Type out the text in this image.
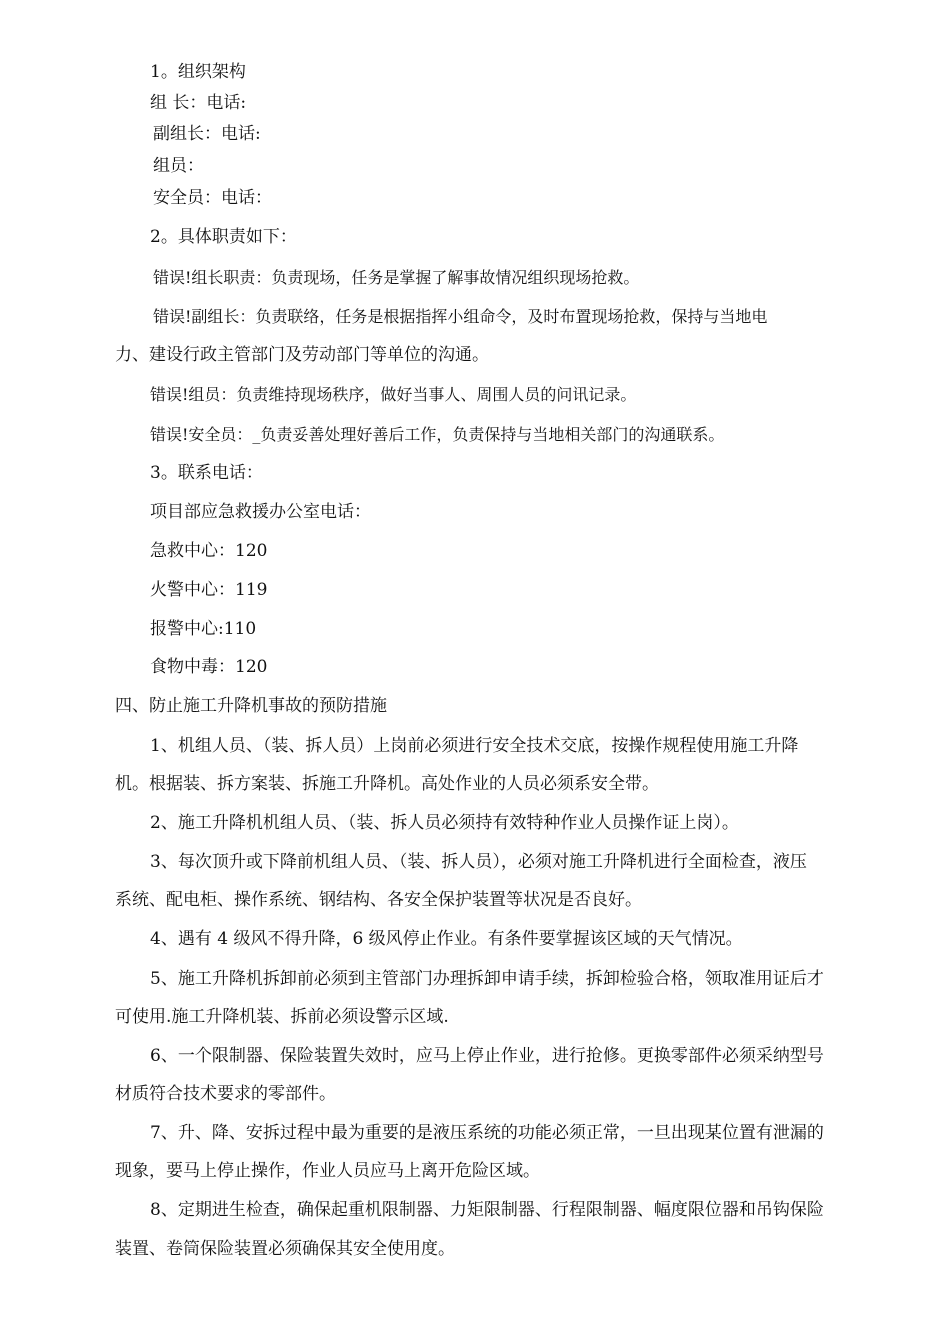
1。组织架构
组 长：电话:
副组长：电话:
组员：
安全员：电话：
2。具体职责如下：
错误!组长职责：负责现场，任务是掌握了解事故情况组织现场抢救。
错误!副组长：负责联络，任务是根据指挥小组命令，及时布置现场抢救，保持与当地电
力、建设行政主管部门及劳动部门等单位的沟通。
错误!组员：负责维持现场秩序，做好当事人、周围人员的问讯记录。
错误!安全员：_负责妥善处理好善后工作，负责保持与当地相关部门的沟通联系。
3。联系电话：
项目部应急救援办公室电话：
急救中心：120
火警中心：119
报警中心:110
食物中毒：120
四、防止施工升降机事故的预防措施
1、机组人员、（装、拆人员）上岗前必须进行安全技术交底，按操作规程使用施工升降
机。根据装、拆方案装、拆施工升降机。高处作业的人员必须系安全带。
2、施工升降机机组人员、（装、拆人员必须持有效特种作业人员操作证上岗）。
3、每次顶升或下降前机组人员、（装、拆人员），必须对施工升降机进行全面检查，液压
系统、配电柜、操作系统、钢结构、各安全保护装置等状况是否良好。
4、遇有 4 级风不得升降，6 级风停止作业。有条件要掌握该区域的天气情况。
5、施工升降机拆卸前必须到主管部门办理拆卸申请手续，拆卸检验合格，领取准用证后才
可使用.施工升降机装、拆前必须设警示区域.
6、一个限制器、保险装置失效时，应马上停止作业，进行抢修。更换零部件必须采纳型号
材质符合技术要求的零部件。
7、升、降、安拆过程中最为重要的是液压系统的功能必须正常，一旦出现某位置有泄漏的
现象，要马上停止操作，作业人员应马上离开危险区域。
8、定期进生检查，确保起重机限制器、力矩限制器、行程限制器、幅度限位器和吊钩保险
装置、卷筒保险装置必须确保其安全使用度。
